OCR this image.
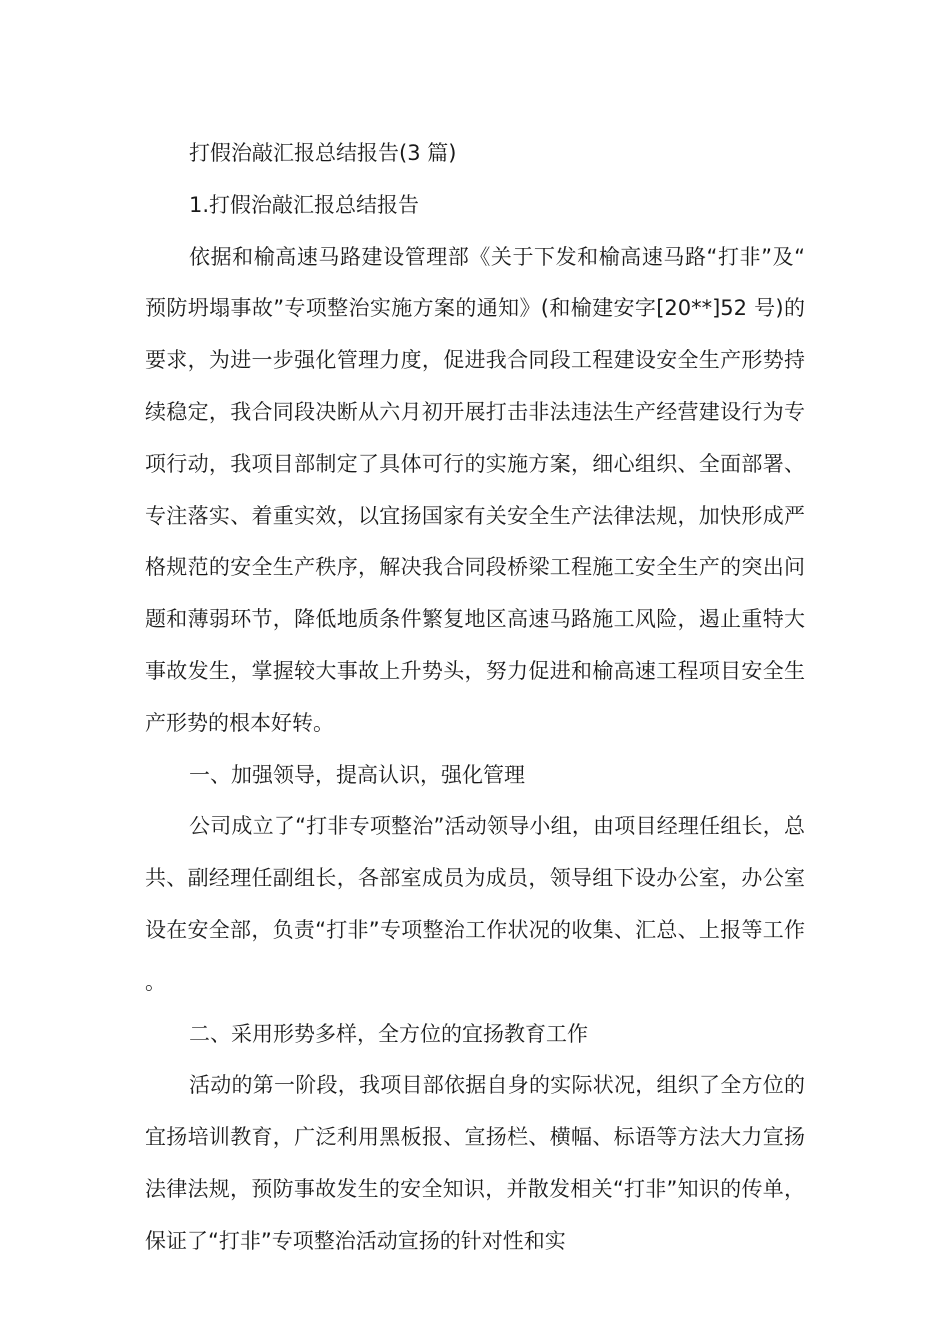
打假治敲汇报总结报告(3 篇)

1.打假治敲汇报总结报告

依据和榆高速马路建设管理部《关于下发和榆高速马路“打非”及“预防坍塌事故”专项整治实施方案的通知》(和榆建安字[20**]52 号)的要求，为进一步强化管理力度，促进我合同段工程建设安全生产形势持续稳定，我合同段决断从六月初开展打击非法违法生产经营建设行为专项行动，我项目部制定了具体可行的实施方案，细心组织、全面部署、专注落实、着重实效，以宜扬国家有关安全生产法律法规，加快形成严格规范的安全生产秩序，解决我合同段桥梁工程施工安全生产的突出问题和薄弱环节，降低地质条件繁复地区高速马路施工风险，遏止重特大事故发生，掌握较大事故上升势头，努力促进和榆高速工程项目安全生产形势的根本好转。

一、加强领导，提高认识，强化管理

公司成立了“打非专项整治”活动领导小组，由项目经理任组长，总共、副经理任副组长，各部室成员为成员，领导组下设办公室，办公室设在安全部，负责“打非”专项整治工作状况的收集、汇总、上报等工作。

二、采用形势多样，全方位的宜扬教育工作

活动的第一阶段，我项目部依据自身的实际状况，组织了全方位的宜扬培训教育，广泛利用黑板报、宣扬栏、横幅、标语等方法大力宣扬法律法规，预防事故发生的安全知识，并散发相关“打非”知识的传单，保证了“打非”专项整治活动宣扬的针对性和实
